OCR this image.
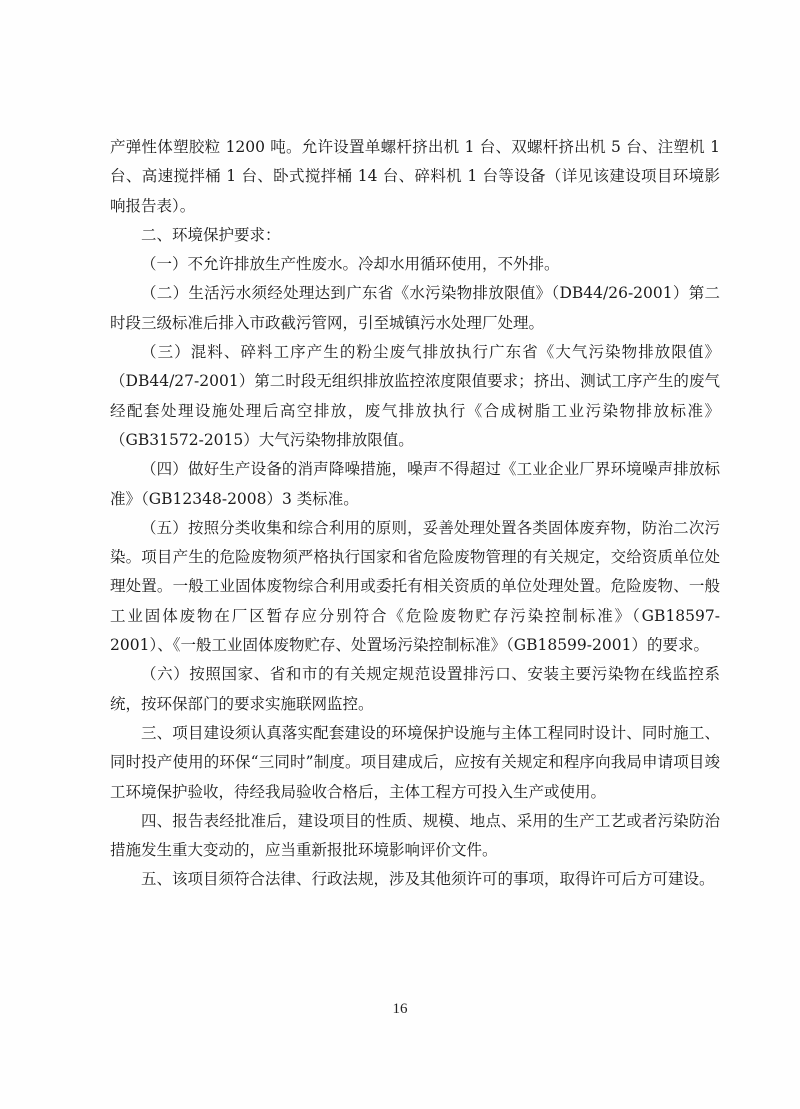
产弹性体塑胶粒 1200 吨。允许设置单螺杆挤出机 1 台、双螺杆挤出机 5 台、注塑机 1 台、高速搅拌桶 1 台、卧式搅拌桶 14 台、碎料机 1 台等设备（详见该建设项目环境影响报告表）。

二、环境保护要求：

（一）不允许排放生产性废水。冷却水用循环使用，不外排。

（二）生活污水须经处理达到广东省《水污染物排放限值》（DB44/26-2001）第二时段三级标准后排入市政截污管网，引至城镇污水处理厂处理。

（三）混料、碎料工序产生的粉尘废气排放执行广东省《大气污染物排放限值》（DB44/27-2001）第二时段无组织排放监控浓度限值要求；挤出、测试工序产生的废气经配套处理设施处理后高空排放，废气排放执行《合成树脂工业污染物排放标准》（GB31572-2015）大气污染物排放限值。

（四）做好生产设备的消声降噪措施，噪声不得超过《工业企业厂界环境噪声排放标准》（GB12348-2008）3 类标准。

（五）按照分类收集和综合利用的原则，妥善处理处置各类固体废弃物，防治二次污染。项目产生的危险废物须严格执行国家和省危险废物管理的有关规定，交给资质单位处理处置。一般工业固体废物综合利用或委托有相关资质的单位处理处置。危险废物、一般工业固体废物在厂区暂存应分别符合《危险废物贮存污染控制标准》（GB18597-2001）、《一般工业固体废物贮存、处置场污染控制标准》（GB18599-2001）的要求。

（六）按照国家、省和市的有关规定规范设置排污口、安装主要污染物在线监控系统，按环保部门的要求实施联网监控。

三、项目建设须认真落实配套建设的环境保护设施与主体工程同时设计、同时施工、同时投产使用的环保“三同时”制度。项目建成后，应按有关规定和程序向我局申请项目竣工环境保护验收，待经我局验收合格后，主体工程方可投入生产或使用。

四、报告表经批准后，建设项目的性质、规模、地点、采用的生产工艺或者污染防治措施发生重大变动的，应当重新报批环境影响评价文件。

五、该项目须符合法律、行政法规，涉及其他须许可的事项，取得许可后方可建设。

16
